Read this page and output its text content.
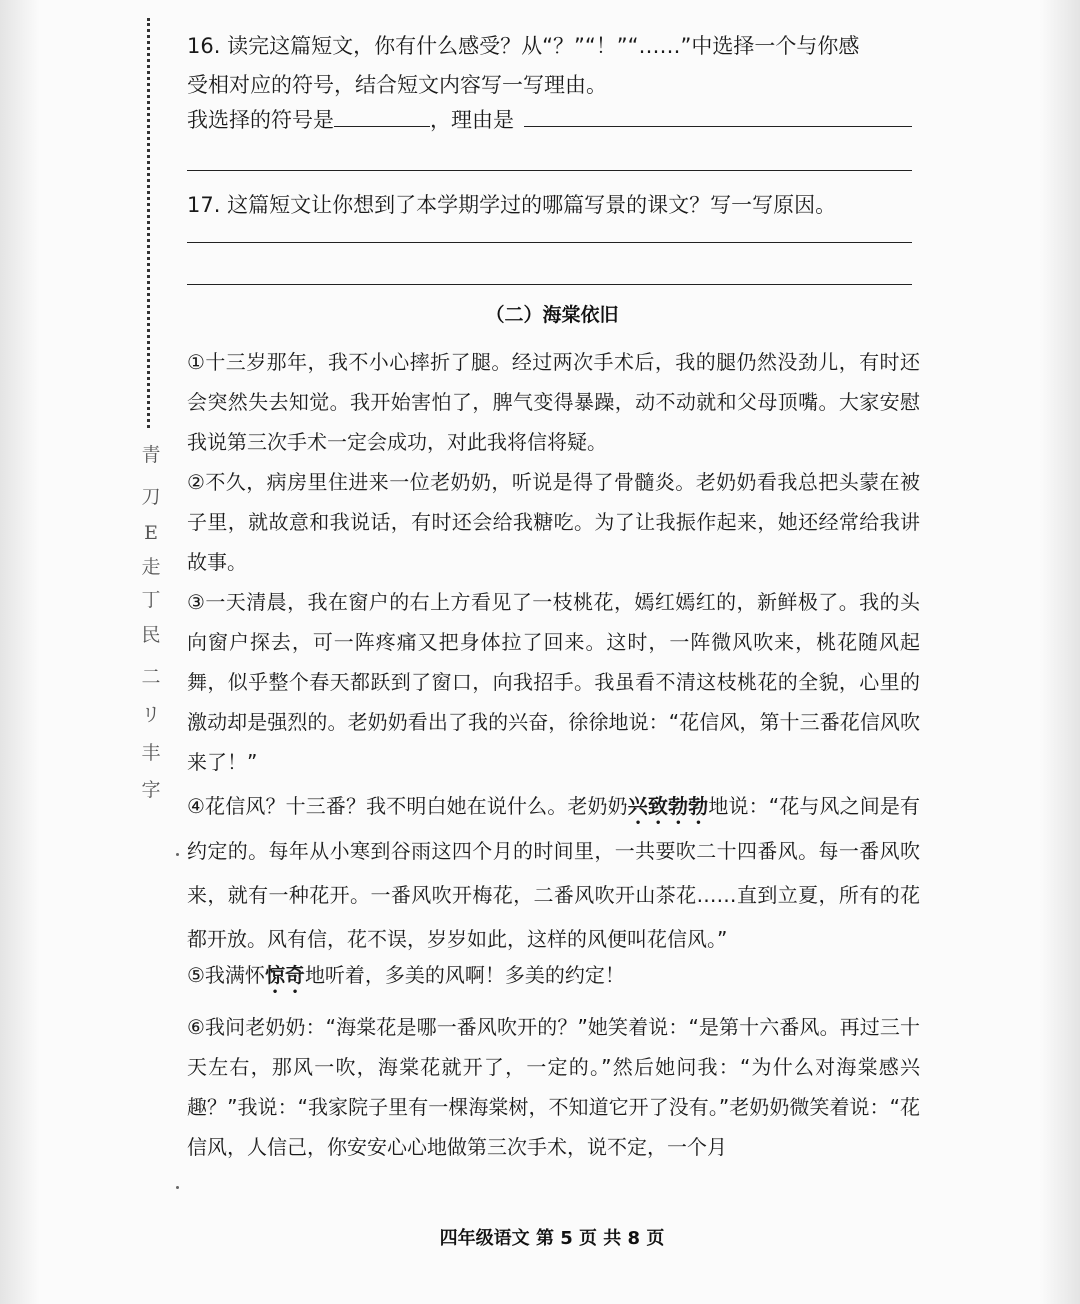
青
刀
E
走
丁
民
二
リ
丰
字
16. 读完这篇短文，你有什么感受？从“？”“！”“……”中选择一个与你感
受相对应的符号，结合短文内容写一写理由。
我选择的符号是	，理由是
17. 这篇短文让你想到了本学期学过的哪篇写景的课文？写一写原因。
（二）海棠依旧
①十三岁那年，我不小心摔折了腿。经过两次手术后，我的腿仍然没劲儿，有时还会突然失去知觉。我开始害怕了，脾气变得暴躁，动不动就和父母顶嘴。大家安慰我说第三次手术一定会成功，对此我将信将疑。
②不久，病房里住进来一位老奶奶，听说是得了骨髓炎。老奶奶看我总把头蒙在被子里，就故意和我说话，有时还会给我糖吃。为了让我振作起来，她还经常给我讲故事。
③一天清晨，我在窗户的右上方看见了一枝桃花，嫣红嫣红的，新鲜极了。我的头向窗户探去，可一阵疼痛又把身体拉了回来。这时，一阵微风吹来，桃花随风起舞，似乎整个春天都跃到了窗口，向我招手。我虽看不清这枝桃花的全貌，心里的激动却是强烈的。老奶奶看出了我的兴奋，徐徐地说：“花信风，第十三番花信风吹来了！”
④花信风？十三番？我不明白她在说什么。老奶奶兴致勃勃地说：“花与风之间是有约定的。每年从小寒到谷雨这四个月的时间里，一共要吹二十四番风。每一番风吹来，就有一种花开。一番风吹开梅花，二番风吹开山茶花……直到立夏，所有的花都开放。风有信，花不误，岁岁如此，这样的风便叫花信风。”
⑤我满怀惊奇地听着，多美的风啊！多美的约定！
⑥我问老奶奶：“海棠花是哪一番风吹开的？”她笑着说：“是第十六番风。再过三十天左右，那风一吹，海棠花就开了，一定的。”然后她问我：“为什么对海棠感兴趣？”我说：“我家院子里有一棵海棠树，不知道它开了没有。”老奶奶微笑着说：“花信风，人信己，你安安心心地做第三次手术，说不定，一个月
四年级语文 第 5 页 共 8 页
